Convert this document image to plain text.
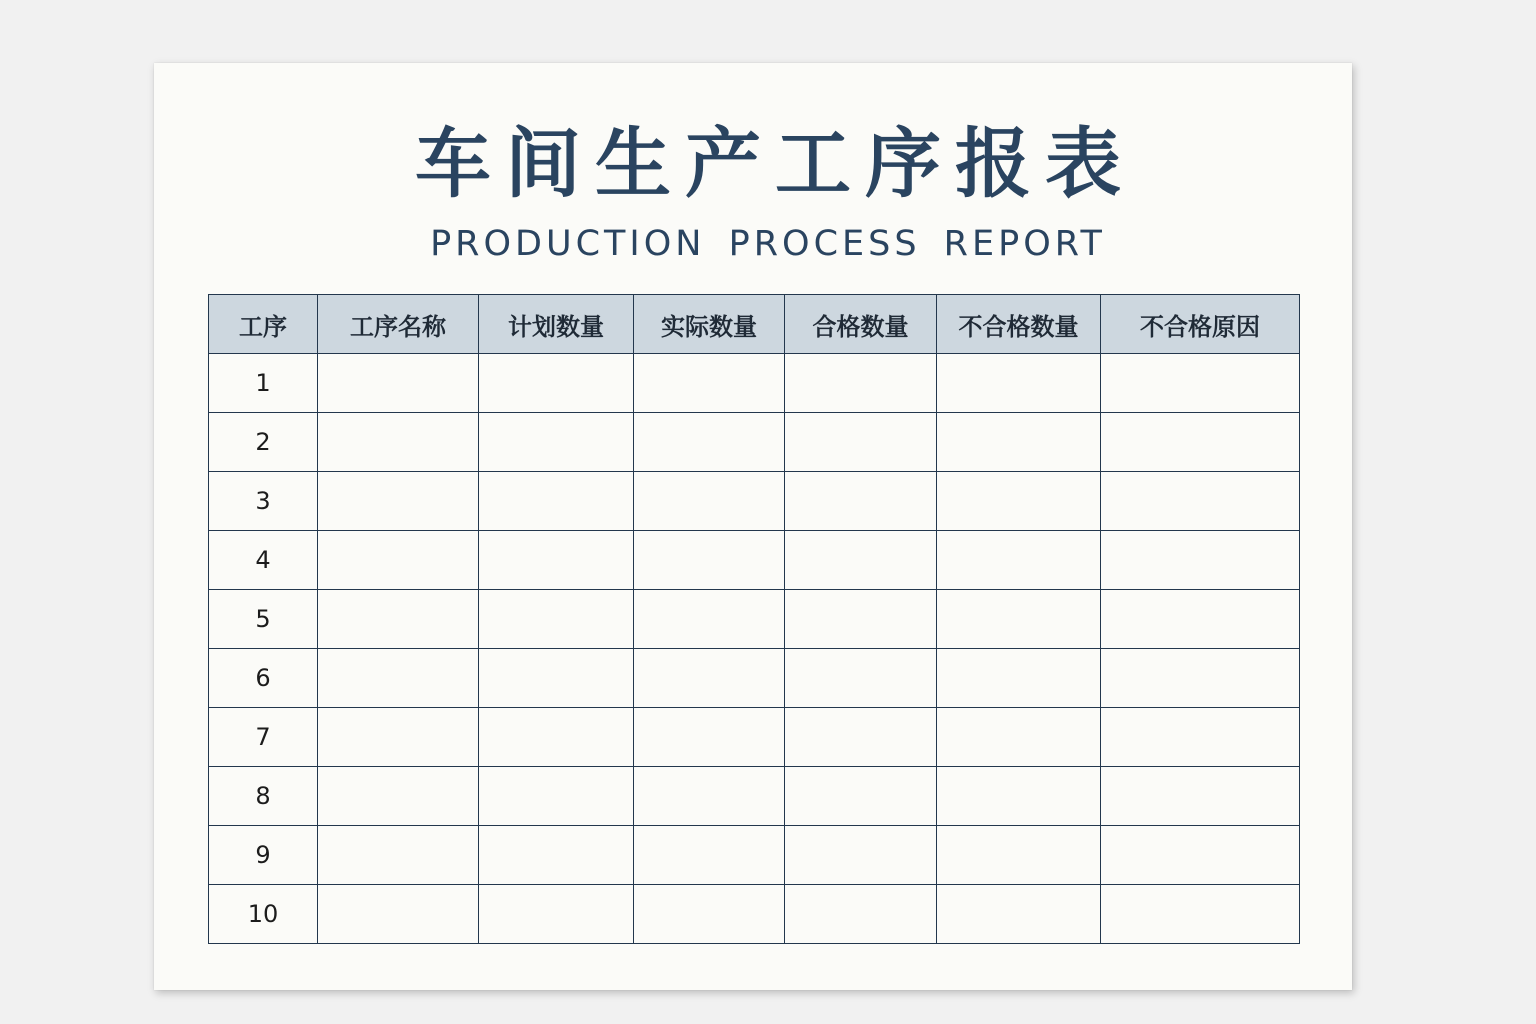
车间生产工序报表
PRODUCTION PROCESS REPORT
工序	工序名称	计划数量	实际数量	合格数量	不合格数量	不合格原因
1						
2						
3						
4						
5						
6						
7						
8						
9						
10						
